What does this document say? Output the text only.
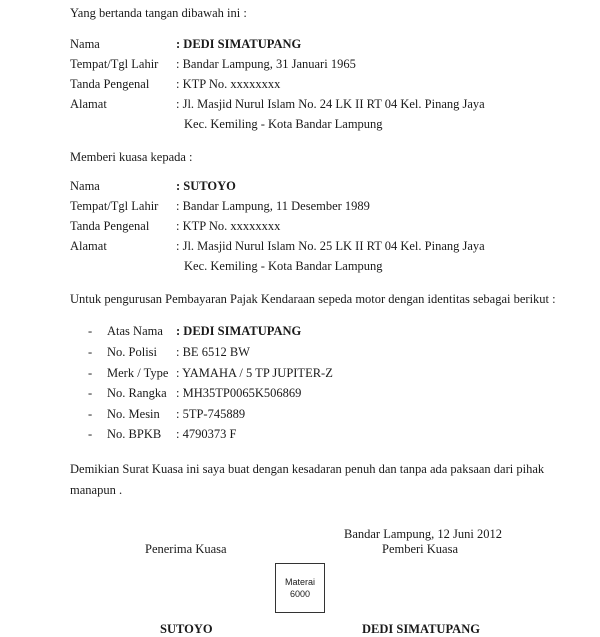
Yang bertanda tangan dibawah ini :
Nama	: DEDI SIMATUPANG
Tempat/Tgl Lahir : Bandar Lampung, 31 Januari 1965
Tanda Pengenal : KTP No. xxxxxxxx
Alamat	: Jl. Masjid Nurul Islam No. 24 LK II RT 04 Kel. Pinang Jaya
Kec. Kemiling - Kota Bandar Lampung
Memberi kuasa kepada :
Nama	: SUTOYO
Tempat/Tgl Lahir : Bandar Lampung, 11 Desember 1989
Tanda Pengenal : KTP No. xxxxxxxx
Alamat	: Jl. Masjid Nurul Islam No. 25 LK II RT 04 Kel. Pinang Jaya
Kec. Kemiling - Kota Bandar Lampung
Untuk pengurusan Pembayaran Pajak Kendaraan sepeda motor dengan identitas sebagai berikut :
- Atas Nama : DEDI SIMATUPANG
- No. Polisi : BE 6512 BW
- Merk / Type : YAMAHA / 5 TP JUPITER-Z
- No. Rangka : MH35TP0065K506869
- No. Mesin : 5TP-745889
- No. BPKB : 4790373 F
Demikian Surat Kuasa ini saya buat dengan kesadaran penuh dan tanpa ada paksaan dari pihak
manapun .
Bandar Lampung, 12 Juni 2012
Penerima Kuasa	Pemberi Kuasa
Materai
6000
SUTOYO	DEDI SIMATUPANG
